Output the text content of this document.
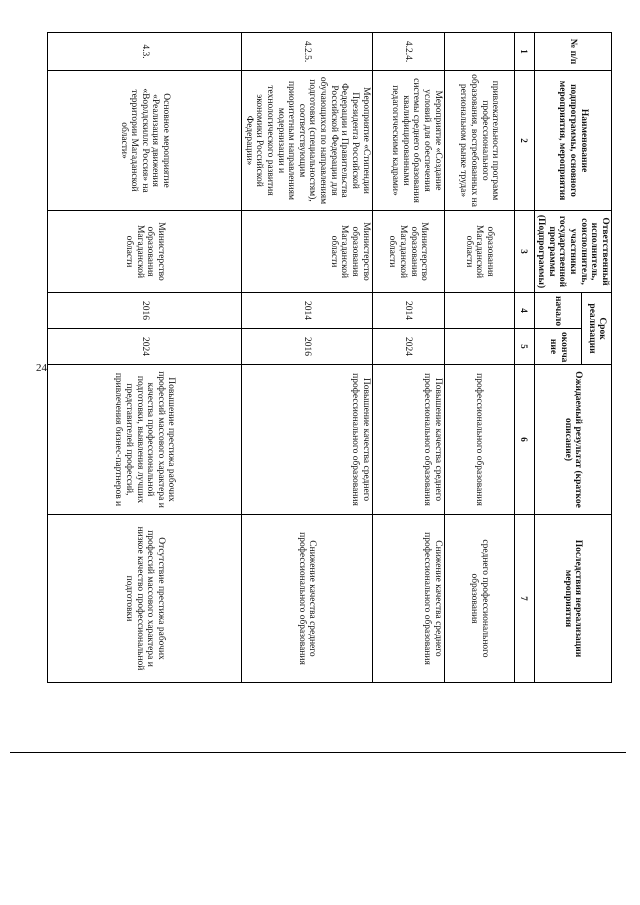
24
№ п/п	Наименование подпрограммы, основного мероприятия, мероприятия	Ответственный исполнитель, соисполнитель, участники государственной программы (Подпрограммы)	Срок реализации		Ожидаемый результат (краткое описание)	Последствия нереализации мероприятия
			начало	оконча ние		
1	2	3	4	5	6	7
	привлекательности программ профессионального образования, востребованных на региональном рынке труда»	образования Магаданской области			профессионального образования	среднего профессионального образования
4.2.4.	Мероприятие «Создание условий для обеспечения системы среднего образования квалифицированными педагогическими кадрами»	Министерство образования Магаданской области	2014	2024	Повышение качества среднего профессионального образования	Снижение качества среднего профессионального образования
4.2.5.	Мероприятие «Стипендии Президента Российской Федерации и Правительства Российской Федерации для обучающихся по направлениям подготовки (специальностям), соответствующим приоритетным направлениям модернизации и технологического развития экономики Российской Федерации»	Министерство образования Магаданской области	2014	2016	Повышение качества среднего профессионального образования	Снижение качества среднего профессионального образования
4.3.	Основное мероприятие «Реализация движения «Ворлдскиллс Россия» на территории Магаданской области»	Министерство образования Магаданской области	2016	2024	Повышение престижа рабочих профессий массового характера и качества профессиональной подготовки, выявления лучших представителей профессий, привлечения бизнес-партнеров и	Отсутствие престижа рабочих профессий массового характера и низкое качество профессиональной подготовки
